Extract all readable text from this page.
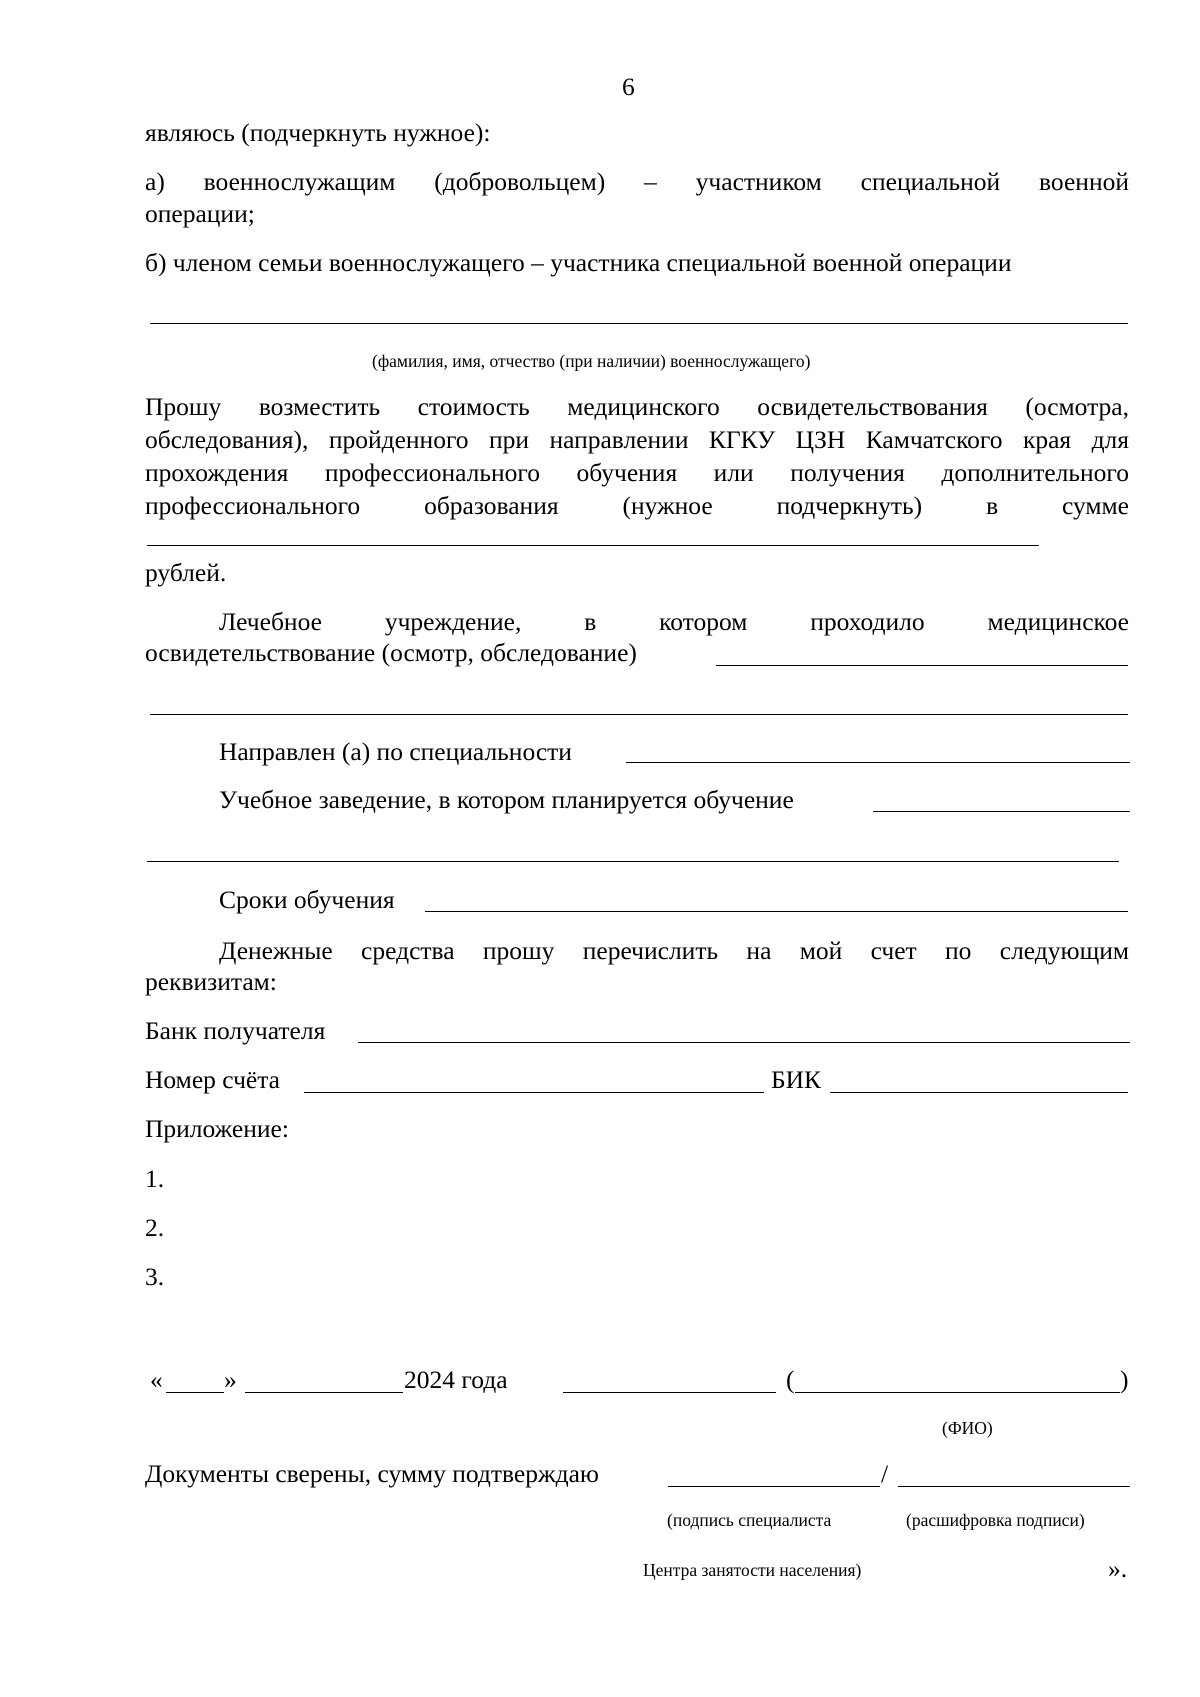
6
являюсь (подчеркнуть нужное):
а) военнослужащим (добровольцем) – участником специальной военной
операции;
б) членом семьи военнослужащего – участника специальной военной операции
(фамилия, имя, отчество (при наличии) военнослужащего)
Прошу возместить стоимость медицинского освидетельствования (осмотра,
обследования), пройденного при направлении КГКУ ЦЗН Камчатского края для
прохождения профессионального обучения или получения дополнительного
профессионального образования (нужное подчеркнуть) в сумме
рублей.
Лечебное учреждение, в котором проходило медицинское
освидетельствование (осмотр, обследование)
Направлен (а) по специальности
Учебное заведение, в котором планируется обучение
Сроки обучения
Денежные средства прошу перечислить на мой счет по следующим
реквизитам:
Банк получателя
Номер счёта	БИК
Приложение:
1.
2.
3.
« »	2024 года	(	)
(ФИО)
Документы сверены, сумму подтверждаю	/
(подпись специалиста	(расшифровка подписи)
Центра занятости населения)	».
